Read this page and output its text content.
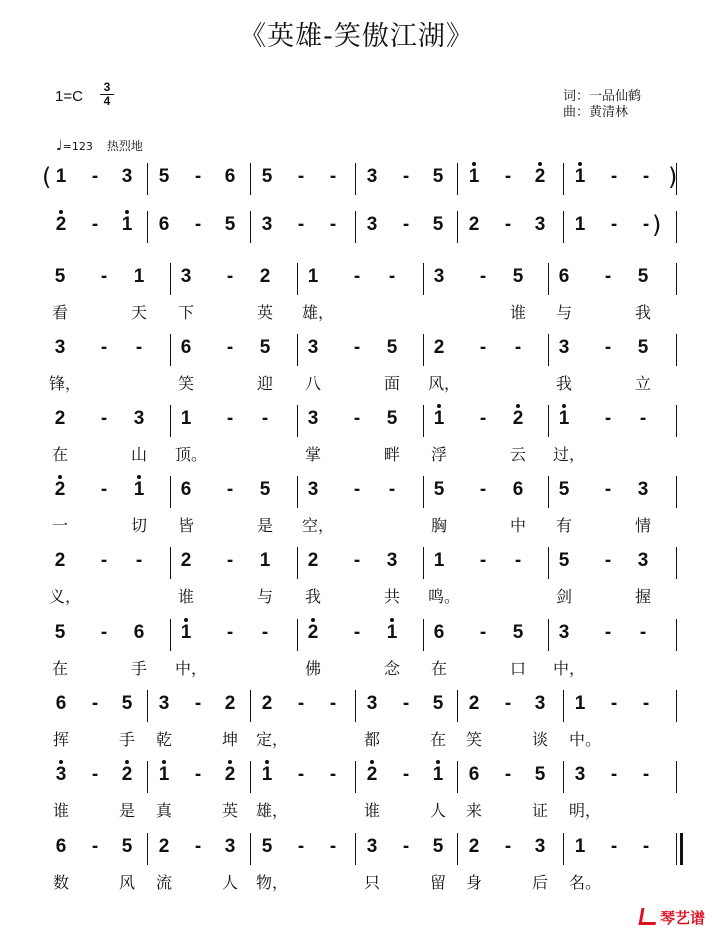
《英雄-笑傲江湖》
1=C
3
4	词：一品仙鹤
曲：黄清林
♩=123 热烈地
(	)
1	-	3	5	-	6	5	-	-	3	-	5	1	-	2	1	-	-
)
2	-	1	6	-	5	3	-	-	3	-	5	2	-	3	1	-	-
5	-	1	3	-	2	1	-	-	3	-	5	6	-	5
看	天 下	英 雄，	谁 与	我
3	-	-	6	-	5	3	-	5	2	-	-	3	-	5
锋，	笑	迎 八	面 风，	我	立
2	-	3	1	-	-	3	-	5	1	-	2	1	-	-
在	山 顶。	掌	畔 浮	云 过，
2	-	1	6	-	5	3	-	-	5	-	6	5	-	3
一	切 皆	是 空，	胸	中 有	情
2	-	-	2	-	1	2	-	3	1	-	-	5	-	3
义，	谁	与 我	共 鸣。	剑	握
5	-	6	1	-	-	2	-	1	6	-	5	3	-	-
在	手 中，	佛	念 在	口 中，
6	-	5	3	-	2	2	-	-	3	-	5	2	-	3	1	-	-
挥	手 乾	坤 定，	都	在 笑	谈 中。
3	-	2	1	-	2	1	-	-	2	-	1	6	-	5	3	-	-
谁	是 真	英 雄，	谁	人 来	证 明，
6	-	5	2	-	3	5	-	-	3	-	5	2	-	3	1	-	-
数	风 流	人 物，	只	留 身	后 名。
琴艺谱
